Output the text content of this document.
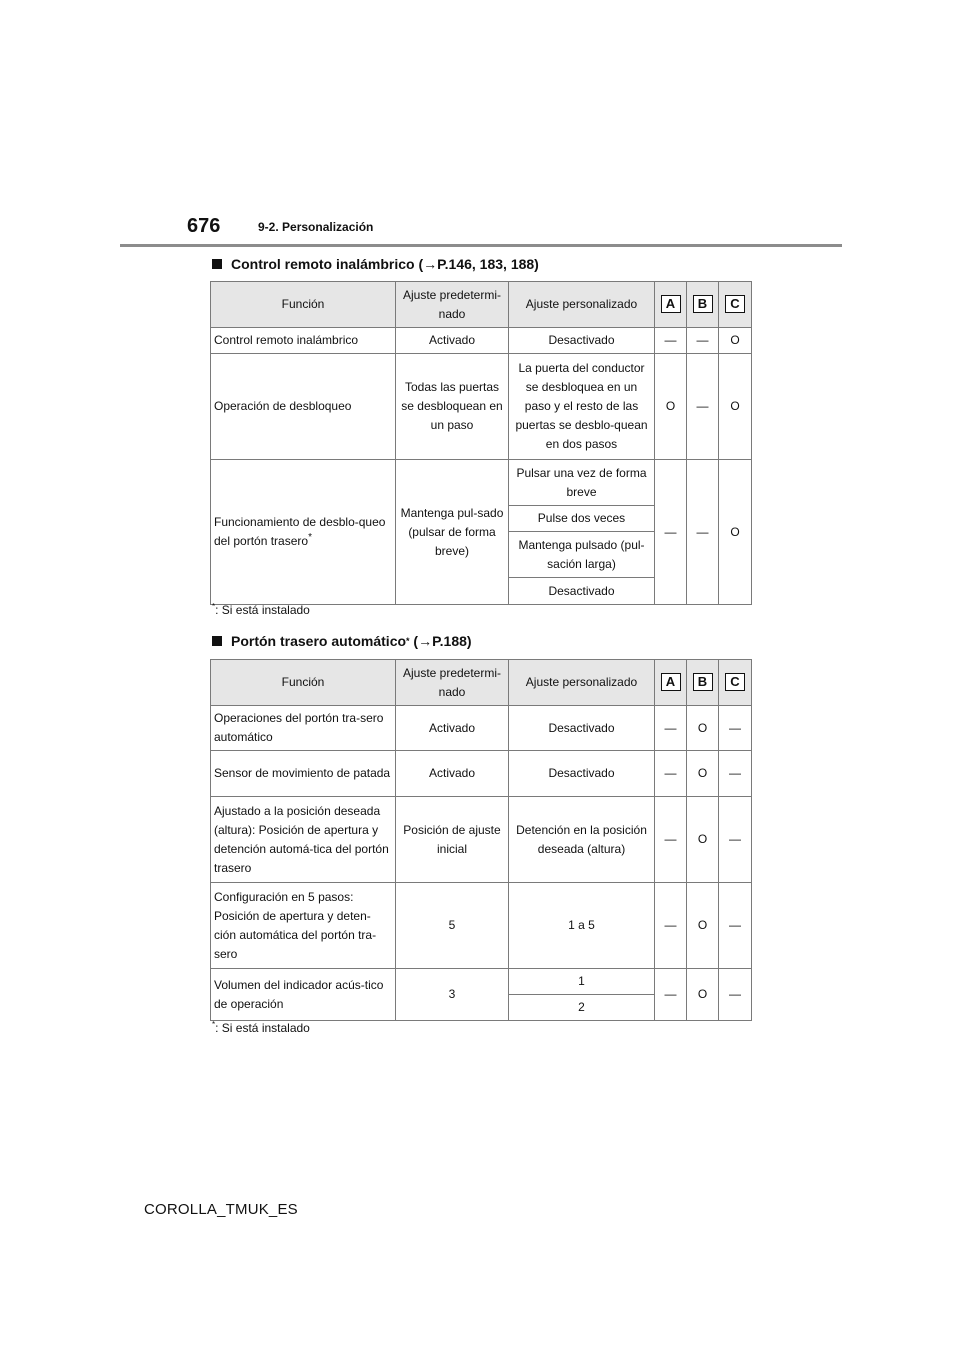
676	9-2. Personalización
Control remoto inalámbrico ( → P.146, 183, 188)
Función	Ajuste predetermi-nado	Ajuste personalizado	A	B	C
Control remoto inalámbrico	Activado	Desactivado	—	—	O
Operación de desbloqueo	Todas las puertas se desbloquean en un paso	La puerta del conductor se desbloquea en un paso y el resto de las puertas se desblo-quean en dos pasos	O	—	O
Funcionamiento de desblo-queo del portón trasero*	Mantenga pul-sado (pulsar de forma breve)	Pulsar una vez de forma breve	—	—	O
		Pulse dos veces			
		Mantenga pulsado (pul-sación larga)			
		Desactivado			
*: Si está instalado
Portón trasero automático * ( → P.188)
Función	Ajuste predetermi-nado	Ajuste personalizado	A	B	C
Operaciones del portón tra-sero automático	Activado	Desactivado	—	O	—
Sensor de movimiento de patada	Activado	Desactivado	—	O	—
Ajustado a la posición deseada (altura): Posición de apertura y detención automá-tica del portón trasero	Posición de ajuste inicial	Detención en la posición deseada (altura)	—	O	—
Configuración en 5 pasos: Posición de apertura y deten-ción automática del portón tra-sero	5	1 a 5	—	O	—
Volumen del indicador acús-tico de operación	3	1	—	O	—
		2			
*: Si está instalado
COROLLA_TMUK_ES
